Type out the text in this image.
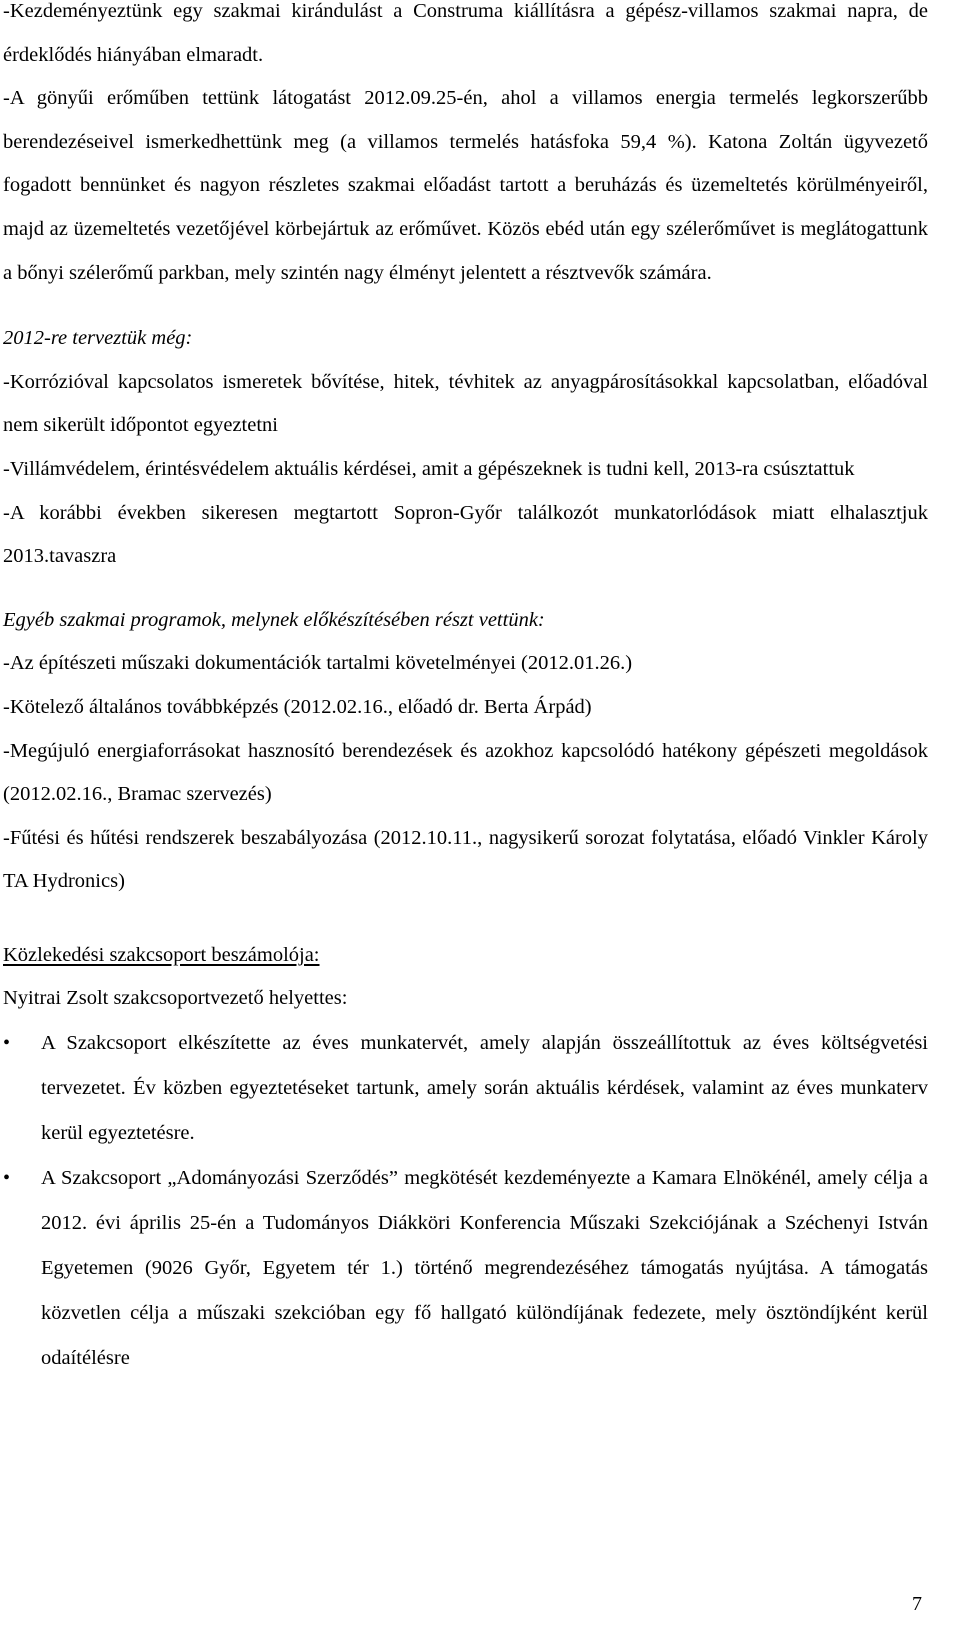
-Kezdeményeztünk egy szakmai kirándulást a Construma kiállításra a gépész-villamos szakmai napra, de érdeklődés hiányában elmaradt.

-A gönyűi erőműben tettünk látogatást 2012.09.25-én, ahol a villamos energia termelés legkorszerűbb berendezéseivel ismerkedhettünk meg (a villamos termelés hatásfoka 59,4 %). Katona Zoltán ügyvezető fogadott bennünket és nagyon részletes szakmai előadást tartott a beruházás és üzemeltetés körülményeiről, majd az üzemeltetés vezetőjével körbejártuk az erőművet. Közös ebéd után egy szélerőművet is meglátogattunk a bőnyi szélerőmű parkban, mely szintén nagy élményt jelentett a résztvevők számára.

2012-re terveztük még:

-Korrózióval kapcsolatos ismeretek bővítése, hitek, tévhitek az anyagpárosításokkal kapcsolatban, előadóval nem sikerült időpontot egyeztetni

-Villámvédelem, érintésvédelem aktuális kérdései, amit a gépészeknek is tudni kell, 2013-ra csúsztattuk

-A korábbi években sikeresen megtartott Sopron-Győr találkozót munkatorlódások miatt elhalasztjuk 2013.tavaszra

Egyéb szakmai programok, melynek előkészítésében részt vettünk:

-Az építészeti műszaki dokumentációk tartalmi követelményei (2012.01.26.)

-Kötelező általános továbbképzés (2012.02.16., előadó dr. Berta Árpád)

-Megújuló energiaforrásokat hasznosító berendezések és azokhoz kapcsolódó hatékony gépészeti megoldások (2012.02.16., Bramac szervezés)

-Fűtési és hűtési rendszerek beszabályozása (2012.10.11., nagysikerű sorozat folytatása, előadó Vinkler Károly TA Hydronics)

Közlekedési szakcsoport beszámolója:

Nyitrai Zsolt szakcsoportvezető helyettes:

•	A Szakcsoport elkészítette az éves munkatervét, amely alapján összeállítottuk az éves költségvetési tervezetet. Év közben egyeztetéseket tartunk, amely során aktuális kérdések, valamint az éves munkaterv kerül egyeztetésre.
•	A Szakcsoport „Adományozási Szerződés” megkötését kezdeményezte a Kamara Elnökénél, amely célja a 2012. évi április 25-én a Tudományos Diákköri Konferencia Műszaki Szekciójának a Széchenyi István Egyetemen (9026 Győr, Egyetem tér 1.) történő megrendezéséhez támogatás nyújtása. A támogatás közvetlen célja a műszaki szekcióban egy fő hallgató különdíjának fedezete, mely ösztöndíjként kerül odaítélésre
7
